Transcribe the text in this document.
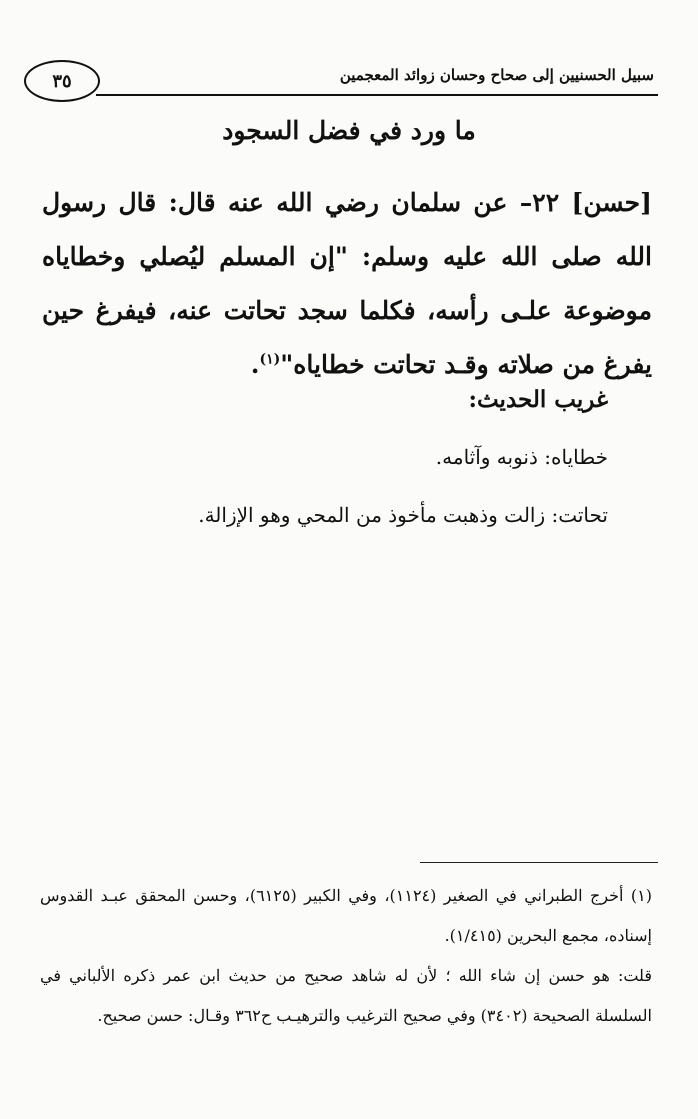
سبيل الحسنيين إلى صحاح وحسان زوائد المعجمين
٣٥
ما ورد في فضل السجود
[حسن] ٢٢– عن سلمان رضي الله عنه قال: قال رسول الله صلى الله عليه وسلم: "إن المسلم ليُصلي وخطاياه موضوعة علـى رأسه، فكلما سجد تحاتت عنه، فيفرغ حين يفرغ من صلاته وقـد تحاتت خطاياه"$^{(١)}$.
غريب الحديث:
خطاياه: ذنوبه وآثامه.
تحاتت: زالت وذهبت مأخوذ من المحي وهو الإزالة.
(١) أخرج الطبراني في الصغير (١١٢٤)، وفي الكبير (٦١٢٥)، وحسن المحقق عبـد القدوس إسناده، مجمع البحرين (١/٤١٥).
قلت: هو حسن إن شاء الله ؛ لأن له شاهد صحيح من حديث ابن عمر ذكره الألباني في السلسلة الصحيحة (٣٤٠٢) وفي صحيح الترغيب والترهيـب ح٣٦٢ وقـال: حسن صحيح.
